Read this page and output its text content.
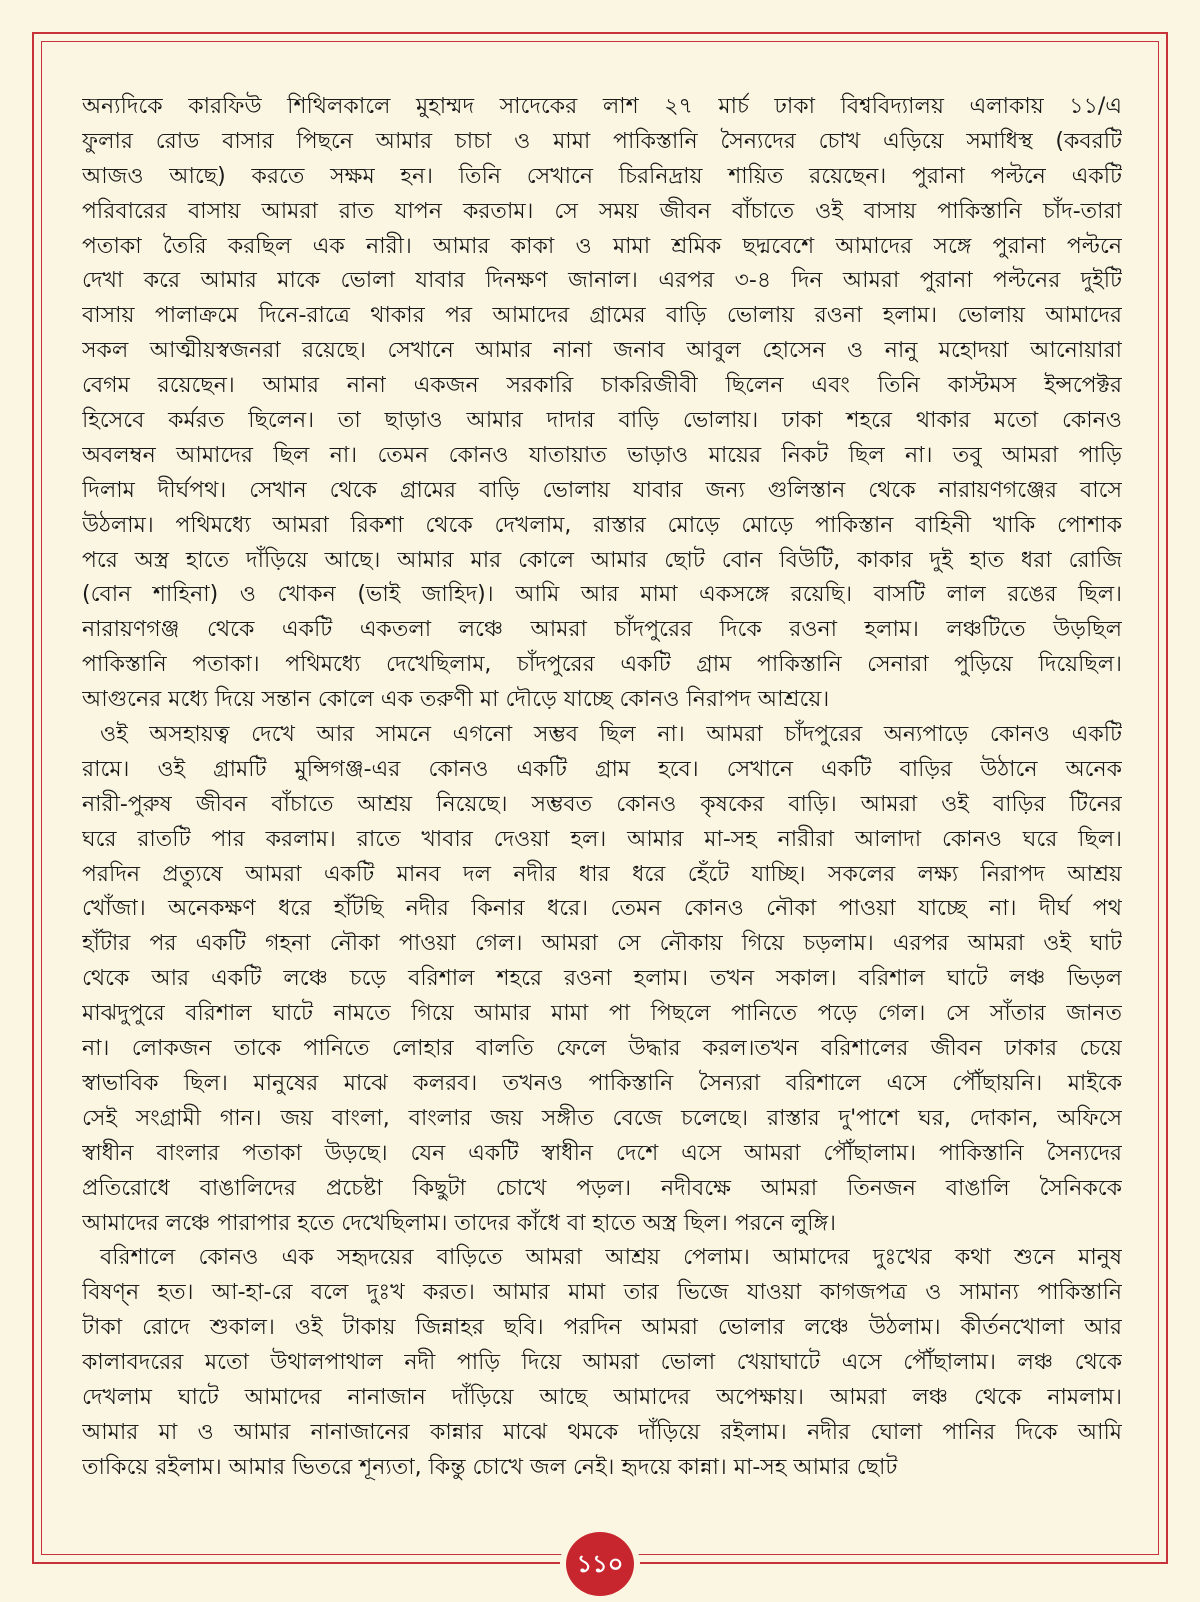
অন্যদিকে কারফিউ শিথিলকালে মুহাম্মদ সাদেকের লাশ ২৭ মার্চ ঢাকা বিশ্ববিদ্যালয় এলাকায় ১১/এ
ফুলার রোড বাসার পিছনে আমার চাচা ও মামা পাকিস্তানি সৈন্যদের চোখ এড়িয়ে সমাধিস্থ (কবরটি
আজও আছে) করতে সক্ষম হন। তিনি সেখানে চিরনিদ্রায় শায়িত রয়েছেন। পুরানা পল্টনে একটি
পরিবারের বাসায় আমরা রাত যাপন করতাম। সে সময় জীবন বাঁচাতে ওই বাসায় পাকিস্তানি চাঁদ-তারা
পতাকা তৈরি করছিল এক নারী। আমার কাকা ও মামা শ্রমিক ছদ্মবেশে আমাদের সঙ্গে পুরানা পল্টনে
দেখা করে আমার মাকে ভোলা যাবার দিনক্ষণ জানাল। এরপর ৩-৪ দিন আমরা পুরানা পল্টনের দুইটি
বাসায় পালাক্রমে দিনে-রাত্রে থাকার পর আমাদের গ্রামের বাড়ি ভোলায় রওনা হলাম। ভোলায় আমাদের
সকল আত্মীয়স্বজনরা রয়েছে। সেখানে আমার নানা জনাব আবুল হোসেন ও নানু মহোদয়া আনোয়ারা
বেগম রয়েছেন। আমার নানা একজন সরকারি চাকরিজীবী ছিলেন এবং তিনি কাস্টমস ইন্সপেক্টর
হিসেবে কর্মরত ছিলেন। তা ছাড়াও আমার দাদার বাড়ি ভোলায়। ঢাকা শহরে থাকার মতো কোনও
অবলম্বন আমাদের ছিল না। তেমন কোনও যাতায়াত ভাড়াও মায়ের নিকট ছিল না। তবু আমরা পাড়ি
দিলাম দীর্ঘপথ। সেখান থেকে গ্রামের বাড়ি ভোলায় যাবার জন্য গুলিস্তান থেকে নারায়ণগঞ্জের বাসে
উঠলাম। পথিমধ্যে আমরা রিকশা থেকে দেখলাম, রাস্তার মোড়ে মোড়ে পাকিস্তান বাহিনী খাকি পোশাক
পরে অস্ত্র হাতে দাঁড়িয়ে আছে। আমার মার কোলে আমার ছোট বোন বিউটি, কাকার দুই হাত ধরা রোজি
(বোন শাহিনা) ও খোকন (ভাই জাহিদ)। আমি আর মামা একসঙ্গে রয়েছি। বাসটি লাল রঙের ছিল।
নারায়ণগঞ্জ থেকে একটি একতলা লঞ্চে আমরা চাঁদপুরের দিকে রওনা হলাম। লঞ্চটিতে উড়ছিল
পাকিস্তানি পতাকা। পথিমধ্যে দেখেছিলাম, চাঁদপুরের একটি গ্রাম পাকিস্তানি সেনারা পুড়িয়ে দিয়েছিল।
আগুনের মধ্যে দিয়ে সন্তান কোলে এক তরুণী মা দৌড়ে যাচ্ছে কোনও নিরাপদ আশ্রয়ে।
ওই অসহায়ত্ব দেখে আর সামনে এগনো সম্ভব ছিল না। আমরা চাঁদপুরের অন্যপাড়ে কোনও একটি
রামে। ওই গ্রামটি মুন্সিগঞ্জ-এর কোনও একটি গ্রাম হবে। সেখানে একটি বাড়ির উঠানে অনেক
নারী-পুরুষ জীবন বাঁচাতে আশ্রয় নিয়েছে। সম্ভবত কোনও কৃষকের বাড়ি। আমরা ওই বাড়ির টিনের
ঘরে রাতটি পার করলাম। রাতে খাবার দেওয়া হল। আমার মা-সহ নারীরা আলাদা কোনও ঘরে ছিল।
পরদিন প্রত্যুষে আমরা একটি মানব দল নদীর ধার ধরে হেঁটে যাচ্ছি। সকলের লক্ষ্য নিরাপদ আশ্রয়
খোঁজা। অনেকক্ষণ ধরে হাঁটছি নদীর কিনার ধরে। তেমন কোনও নৌকা পাওয়া যাচ্ছে না। দীর্ঘ পথ
হাঁটার পর একটি গহনা নৌকা পাওয়া গেল। আমরা সে নৌকায় গিয়ে চড়লাম। এরপর আমরা ওই ঘাট
থেকে আর একটি লঞ্চে চড়ে বরিশাল শহরে রওনা হলাম। তখন সকাল। বরিশাল ঘাটে লঞ্চ ভিড়ল
মাঝদুপুরে বরিশাল ঘাটে নামতে গিয়ে আমার মামা পা পিছলে পানিতে পড়ে গেল। সে সাঁতার জানত
না। লোকজন তাকে পানিতে লোহার বালতি ফেলে উদ্ধার করল।তখন বরিশালের জীবন ঢাকার চেয়ে
স্বাভাবিক ছিল। মানুষের মাঝে কলরব। তখনও পাকিস্তানি সৈন্যরা বরিশালে এসে পৌঁছায়নি। মাইকে
সেই সংগ্রামী গান। জয় বাংলা, বাংলার জয় সঙ্গীত বেজে চলেছে। রাস্তার দু'পাশে ঘর, দোকান, অফিসে
স্বাধীন বাংলার পতাকা উড়ছে। যেন একটি স্বাধীন দেশে এসে আমরা পৌঁছালাম। পাকিস্তানি সৈন্যদের
প্রতিরোধে বাঙালিদের প্রচেষ্টা কিছুটা চোখে পড়ল। নদীবক্ষে আমরা তিনজন বাঙালি সৈনিককে
আমাদের লঞ্চে পারাপার হতে দেখেছিলাম। তাদের কাঁধে বা হাতে অস্ত্র ছিল। পরনে লুঙ্গি।
বরিশালে কোনও এক সহৃদয়ের বাড়িতে আমরা আশ্রয় পেলাম। আমাদের দুঃখের কথা শুনে মানুষ
বিষণ্ন হত। আ-হা-রে বলে দুঃখ করত। আমার মামা তার ভিজে যাওয়া কাগজপত্র ও সামান্য পাকিস্তানি
টাকা রোদে শুকাল। ওই টাকায় জিন্নাহর ছবি। পরদিন আমরা ভোলার লঞ্চে উঠলাম। কীর্তনখোলা আর
কালাবদরের মতো উথালপাথাল নদী পাড়ি দিয়ে আমরা ভোলা খেয়াঘাটে এসে পৌঁছালাম। লঞ্চ থেকে
দেখলাম ঘাটে আমাদের নানাজান দাঁড়িয়ে আছে আমাদের অপেক্ষায়। আমরা লঞ্চ থেকে নামলাম।
আমার মা ও আমার নানাজানের কান্নার মাঝে থমকে দাঁড়িয়ে রইলাম। নদীর ঘোলা পানির দিকে আমি
তাকিয়ে রইলাম। আমার ভিতরে শূন্যতা, কিন্তু চোখে জল নেই। হৃদয়ে কান্না। মা-সহ আমার ছোট
১১০
